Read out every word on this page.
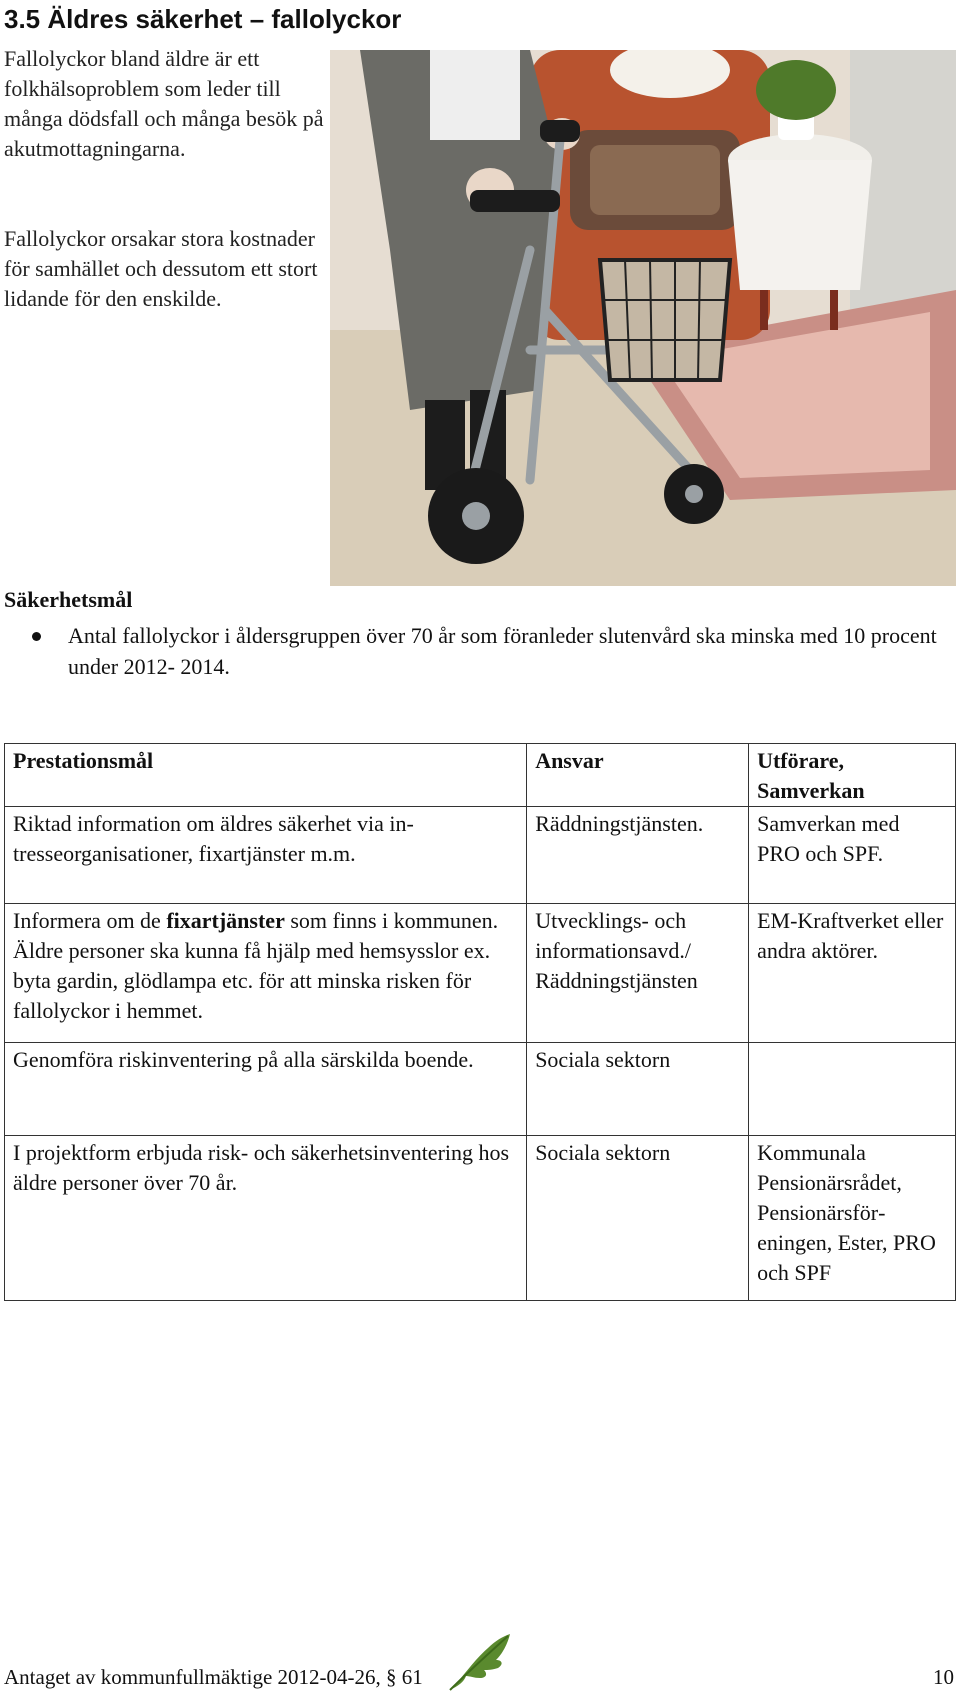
3.5 Äldres säkerhet – fallolyckor

Fallolyckor bland äldre är ett folkhälsoproblem som leder till många dödsfall och många besök på akutmottagningarna.

Fallolyckor orsakar stora kostnader för samhället och dessutom ett stort lidande för den enskilde.

Säkerhetsmål

Antal fallolyckor i åldersgruppen över 70 år som föranleder slutenvård ska minska med 10 procent under 2012- 2014.

Prestationsmål	Ansvar	Utförare, Samverkan
Riktad information om äldres säkerhet via intresseorganisationer, fixartjänster m.m.	Räddningstjänsten.	Samverkan med PRO och SPF.
Informera om de fixartjänster som finns i kommunen. Äldre personer ska kunna få hjälp med hemsysslor ex. byta gardin, glödlampa etc. för att minska risken för fallolyckor i hemmet.	Utvecklings- och informationsavd./ Räddningstjänsten	EM-Kraftverket eller andra aktörer.
Genomföra riskinventering på alla särskilda boende.	Sociala sektorn	
I projektform erbjuda risk- och säkerhetsinventering hos äldre personer över 70 år.	Sociala sektorn	Kommunala Pensionärsrådet, Pensionärsföreningen, Ester, PRO och SPF
Antaget av kommunfullmäktige 2012-04-26, § 61	10
